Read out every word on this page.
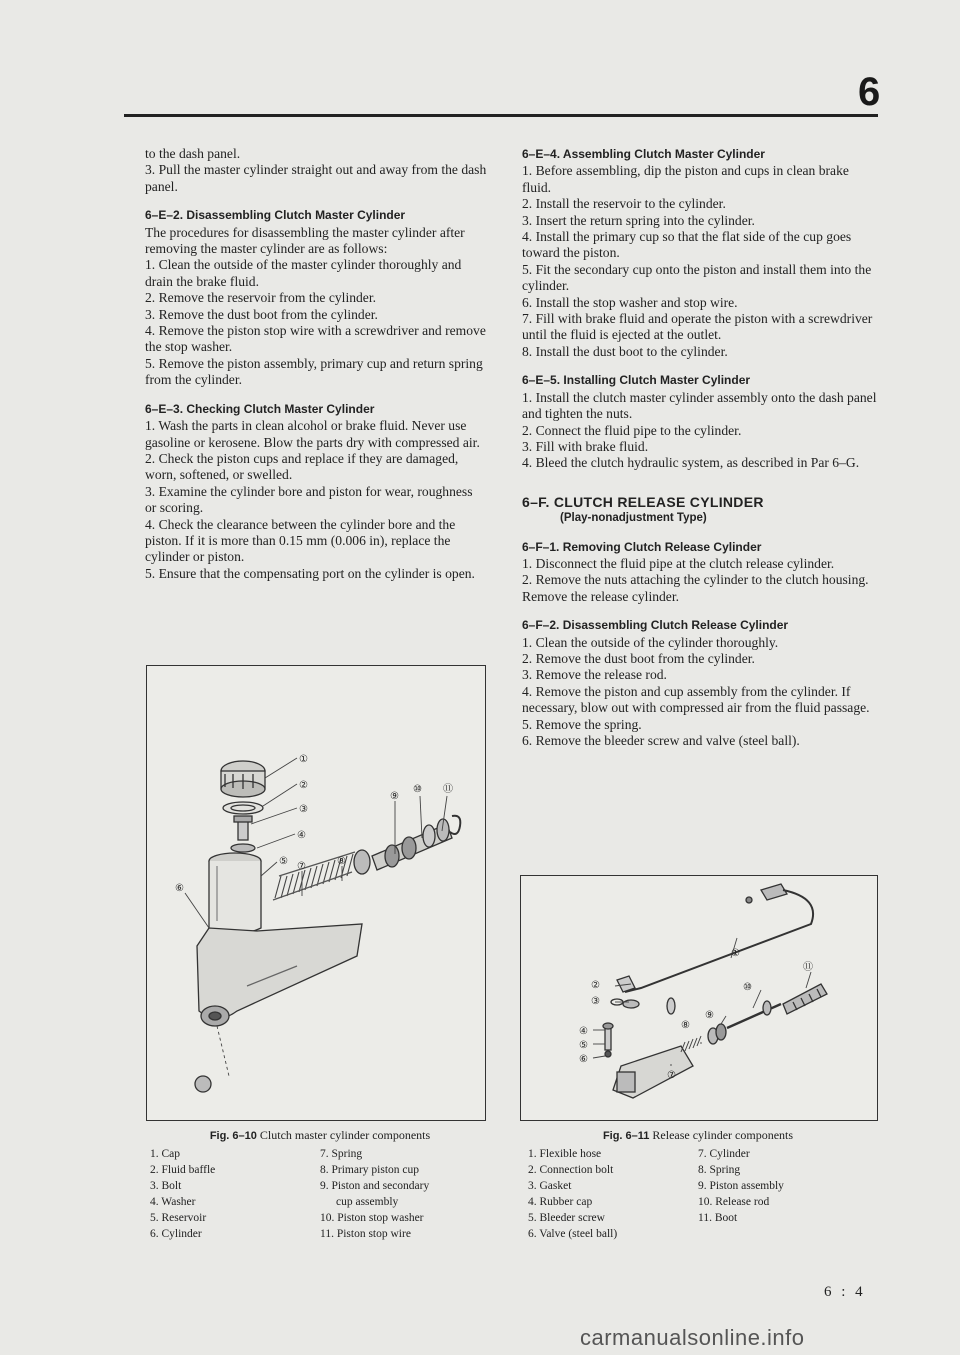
6

to the dash panel.

3. Pull the master cylinder straight out and away from the dash panel.

6–E–2. Disassembling Clutch Master Cylinder

The procedures for disassembling the master cylinder after removing the master cylinder are as follows:

1. Clean the outside of the master cylinder thoroughly and drain the brake fluid.

2. Remove the reservoir from the cylinder.

3. Remove the dust boot from the cylinder.

4. Remove the piston stop wire with a screwdriver and remove the stop washer.

5. Remove the piston assembly, primary cup and return spring from the cylinder.

6–E–3. Checking Clutch Master Cylinder

1. Wash the parts in clean alcohol or brake fluid. Never use gasoline or kerosene. Blow the parts dry with compressed air.

2. Check the piston cups and replace if they are damaged, worn, softened, or swelled.

3. Examine the cylinder bore and piston for wear, roughness or scoring.

4. Check the clearance between the cylinder bore and the piston. If it is more than 0.15 mm (0.006 in), replace the cylinder or piston.

5. Ensure that the compensating port on the cylinder is open.

6–E–4. Assembling Clutch Master Cylinder

1. Before assembling, dip the piston and cups in clean brake fluid.

2. Install the reservoir to the cylinder.

3. Insert the return spring into the cylinder.

4. Install the primary cup so that the flat side of the cup goes toward the piston.

5. Fit the secondary cup onto the piston and install them into the cylinder.

6. Install the stop washer and stop wire.

7. Fill with brake fluid and operate the piston with a screwdriver until the fluid is ejected at the outlet.

8. Install the dust boot to the cylinder.

6–E–5. Installing Clutch Master Cylinder

1. Install the clutch master cylinder assembly onto the dash panel and tighten the nuts.

2. Connect the fluid pipe to the cylinder.

3. Fill with brake fluid.

4. Bleed the clutch hydraulic system, as described in Par 6–G.

6–F. CLUTCH RELEASE CYLINDER

(Play-nonadjustment Type)

6–F–1. Removing Clutch Release Cylinder

1. Disconnect the fluid pipe at the clutch release cylinder.

2. Remove the nuts attaching the cylinder to the clutch housing. Remove the release cylinder.

6–F–2. Disassembling Clutch Release Cylinder

1. Clean the outside of the cylinder thoroughly.

2. Remove the dust boot from the cylinder.

3. Remove the release rod.

4. Remove the piston and cup assembly from the cylinder. If necessary, blow out with compressed air from the fluid passage.

5. Remove the spring.

6. Remove the bleeder screw and valve (steel ball).

①
②
③
④
⑤
⑥
⑦	⑧
⑨
⑩ ⑪
Fig. 6–10 Clutch master cylinder components
1. Cap
2. Fluid baffle
3. Bolt
4. Washer
5. Reservoir
6. Cylinder
7. Spring
8. Primary piston cup
9. Piston and secondary
cup assembly
10. Piston stop washer
11. Piston stop wire
①
②
③
④
⑤
⑥
⑦
⑧
⑨
⑩
⑪
Fig. 6–11 Release cylinder components
1. Flexible hose
2. Connection bolt
3. Gasket
4. Rubber cap
5. Bleeder screw
6. Valve (steel ball)
7. Cylinder
8. Spring
9. Piston assembly
10. Release rod
11. Boot
6 : 4
carmanualsonline.info
